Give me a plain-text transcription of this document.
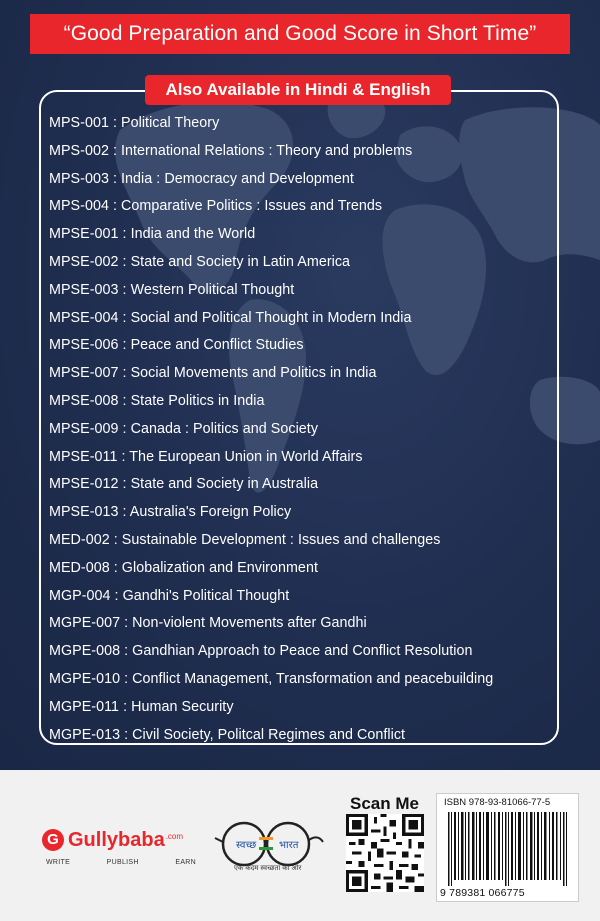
“Good Preparation and Good Score in Short Time”
Also Available in Hindi & English
MPS-001 : Political Theory
MPS-002 : International Relations : Theory and problems
MPS-003 : India : Democracy and Development
MPS-004 : Comparative Politics : Issues and Trends
MPSE-001 : India and the World
MPSE-002 : State and Society in Latin America
MPSE-003 : Western Political Thought
MPSE-004 : Social and Political Thought in Modern India
MPSE-006 : Peace and Conflict Studies
MPSE-007 : Social Movements and Politics in India
MPSE-008 : State Politics in India
MPSE-009 : Canada : Politics and Society
MPSE-011 : The European Union in World Affairs
MPSE-012 : State and Society in Australia
MPSE-013 : Australia's Foreign Policy
MED-002 : Sustainable Development : Issues and challenges
MED-008 : Globalization and Environment
MGP-004 : Gandhi's Political Thought
MGPE-007 : Non-violent Movements after Gandhi
MGPE-008 : Gandhian Approach to Peace and Conflict Resolution
MGPE-010 : Conflict Management, Transformation and peacebuilding
MGPE-011 : Human Security
MGPE-013 : Civil Society, Politcal Regimes and Conflict
G Gullybaba .com
WRITE	PUBLISH	EARN
स्वच्छ भारत
एक कदम स्वच्छता की ओर
Scan Me	ISBN 978-93-81066-77-5
9 789381 066775
